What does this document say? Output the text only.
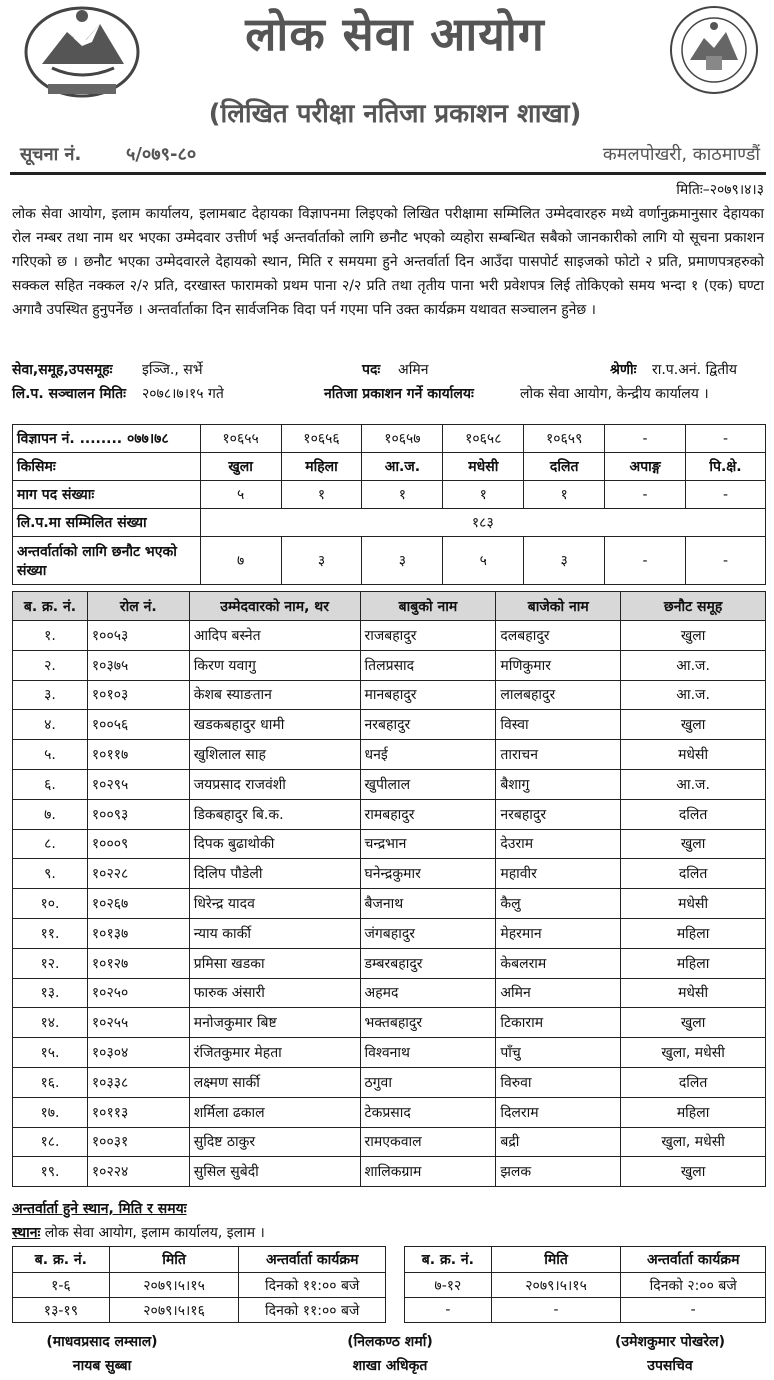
लोक सेवा आयोग
(लिखित परीक्षा नतिजा प्रकाशन शाखा)
सूचना नं. ५/०७९-८०	कमलपोखरी, काठमाण्डौं
मितिः–२०७९।४।३
लोक सेवा आयोग, इलाम कार्यालय, इलामबाट देहायका विज्ञापनमा लिइएको लिखित परीक्षामा सम्मिलित उम्मेदवारहरु मध्ये वर्णानुक्रमानुसार देहायका रोल नम्बर तथा नाम थर भएका उम्मेदवार उत्तीर्ण भई अन्तर्वार्ताको लागि छनौट भएको व्यहोरा सम्बन्धित सबैको जानकारीको लागि यो सूचना प्रकाशन गरिएको छ । छनौट भएका उम्मेदवारले देहायको स्थान, मिति र समयमा हुने अन्तर्वार्ता दिन आउँदा पासपोर्ट साइजको फोटो २ प्रति, प्रमाणपत्रहरुको सक्कल सहित नक्कल २/२ प्रति, दरखास्त फारामको प्रथम पाना २/२ प्रति तथा तृतीय पाना भरी प्रवेशपत्र लिई तोकिएको समय भन्दा १ (एक) घण्टा अगावै उपस्थित हुनुपर्नेछ । अन्तर्वार्ताका दिन सार्वजनिक विदा पर्न गएमा पनि उक्त कार्यक्रम यथावत सञ्चालन हुनेछ ।
सेवा,समूह,उपसमूहः इञ्जि., सर्भे	पदः अमिन	श्रेणीः रा.प.अनं. द्वितीय
लि.प. सञ्चालन मितिः २०७८।७।१५ गते	नतिजा प्रकाशन गर्ने कार्यालयः	लोक सेवा आयोग, केन्द्रीय कार्यालय ।
विज्ञापन नं. ........ ०७७।७८	१०६५५	१०६५६	१०६५७	१०६५८	१०६५९	-	-
किसिमः	खुला	महिला	आ.ज.	मधेसी	दलित	अपाङ्ग	पि.क्षे.
माग पद संख्याः	५	१	१	१	१	-	-
लि.प.मा सम्मिलित संख्या	१८३						
अन्तर्वार्ताको लागि छनौट भएको संख्या	७	३	३	५	३	-	-
ब. क्र. नं.	रोल नं.	उम्मेदवारको नाम, थर	बाबुको नाम	बाजेको नाम	छनौट समूह
१.	१००५३	आदिप बस्नेत	राजबहादुर	दलबहादुर	खुला
२.	१०३७५	किरण यवागु	तिलप्रसाद	मणिकुमार	आ.ज.
३.	१०१०३	केशब स्याङतान	मानबहादुर	लालबहादुर	आ.ज.
४.	१००५६	खडकबहादुर धामी	नरबहादुर	विस्वा	खुला
५.	१०११७	खुशिलाल साह	धनई	ताराचन	मधेसी
६.	१०२९५	जयप्रसाद राजवंशी	खुपीलाल	बैशागु	आ.ज.
७.	१००९३	डिकबहादुर बि.क.	रामबहादुर	नरबहादुर	दलित
८.	१०००९	दिपक बुढाथोकी	चन्द्रभान	देउराम	खुला
९.	१०२२८	दिलिप पौडेली	घनेन्द्रकुमार	महावीर	दलित
१०.	१०२६७	धिरेन्द्र यादव	बैजनाथ	कैलु	मधेसी
११.	१०१३७	न्याय कार्की	जंगबहादुर	मेहरमान	महिला
१२.	१०१२७	प्रमिसा खडका	डम्बरबहादुर	केबलराम	महिला
१३.	१०२५०	फारुक अंसारी	अहमद	अमिन	मधेसी
१४.	१०२५५	मनोजकुमार बिष्ट	भक्तबहादुर	टिकाराम	खुला
१५.	१०३०४	रंजितकुमार मेहता	विश्वनाथ	पाँचु	खुला, मधेसी
१६.	१०३३८	लक्ष्मण सार्की	ठगुवा	विरुवा	दलित
१७.	१०११३	शर्मिला ढकाल	टेकप्रसाद	दिलराम	महिला
१८.	१००३१	सुदिष्ट ठाकुर	रामएकवाल	बद्री	खुला, मधेसी
१९.	१०२२४	सुसिल सुबेदी	शालिकग्राम	झलक	खुला
अन्तर्वार्ता हुने स्थान, मिति र समयः
स्थानः लोक सेवा आयोग, इलाम कार्यालय, इलाम ।
ब. क्र. नं.	मिति	अन्तर्वार्ता कार्यक्रम
१-६	२०७९।५।१५	दिनको ११:०० बजे
१३-१९	२०७९।५।१६	दिनको ११:०० बजे
ब. क्र. नं.	मिति	अन्तर्वार्ता कार्यक्रम
७-१२	२०७९।५।१५	दिनको २:०० बजे
-	-	-
(माधवप्रसाद लम्साल)
नायब सुब्बा
(निलकण्ठ शर्मा)
शाखा अधिकृत
(उमेशकुमार पोखरेल)
उपसचिव
